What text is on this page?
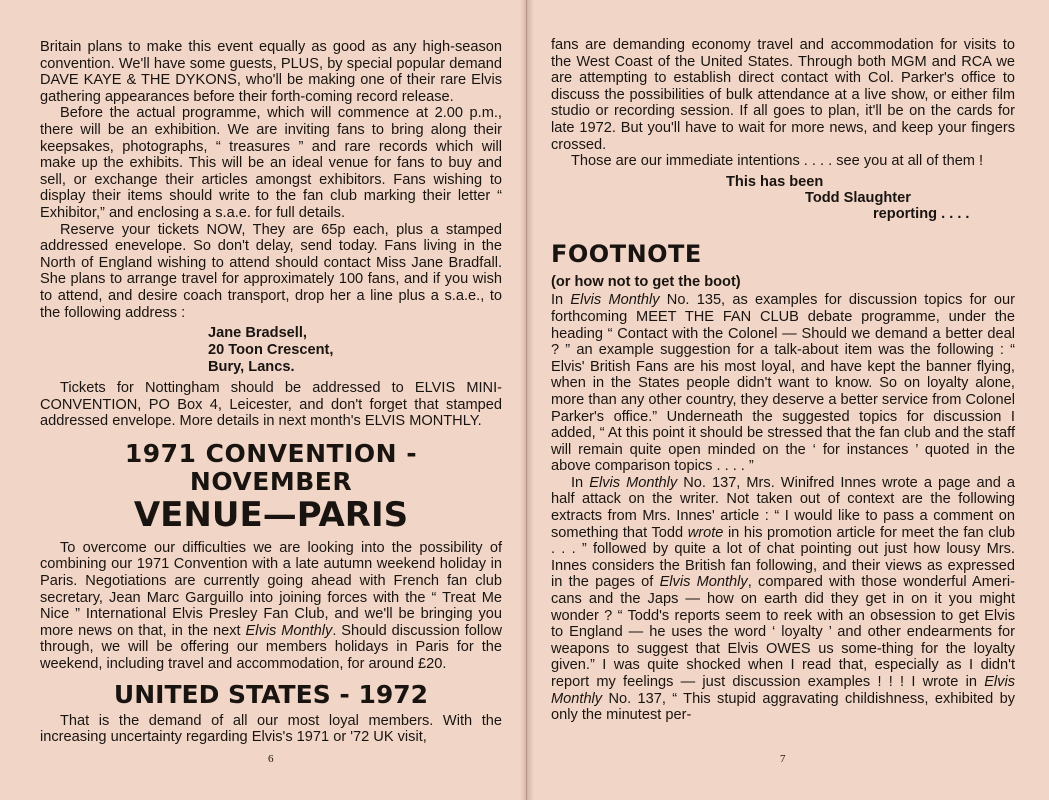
Britain plans to make this event equally as good as any high-season convention. We'll have some guests, PLUS, by special popular demand DAVE KAYE & THE DYKONS, who'll be making one of their rare Elvis gathering appearances before their forth-coming record release.

Before the actual programme, which will commence at 2.00 p.m., there will be an exhibition. We are inviting fans to bring along their keepsakes, photographs, “ treasures ” and rare records which will make up the exhibits. This will be an ideal venue for fans to buy and sell, or exchange their articles amongst exhibitors. Fans wishing to display their items should write to the fan club marking their letter “ Exhibitor,” and enclosing a s.a.e. for full details.

Reserve your tickets NOW, They are 65p each, plus a stamped addressed enevelope. So don't delay, send today. Fans living in the North of England wishing to attend should contact Miss Jane Bradfall. She plans to arrange travel for approximately 100 fans, and if you wish to attend, and desire coach transport, drop her a line plus a s.a.e., to the following address :

Jane Bradsell,
20 Toon Crescent,
Bury, Lancs.

Tickets for Nottingham should be addressed to ELVIS MINI-CONVENTION, PO Box 4, Leicester, and don't forget that stamped addressed envelope. More details in next month's ELVIS MONTHLY.

1971 CONVENTION - NOVEMBER
VENUE—PARIS

To overcome our difficulties we are looking into the possibility of combining our 1971 Convention with a late autumn weekend holiday in Paris. Negotiations are currently going ahead with French fan club secretary, Jean Marc Garguillo into joining forces with the “ Treat Me Nice ” International Elvis Presley Fan Club, and we'll be bringing you more news on that, in the next Elvis Monthly. Should discussion follow through, we will be offering our members holidays in Paris for the weekend, including travel and accommodation, for around £20.

UNITED STATES - 1972

That is the demand of all our most loyal members. With the increasing uncertainty regarding Elvis's 1971 or '72 UK visit,

6

fans are demanding economy travel and accommodation for visits to the West Coast of the United States. Through both MGM and RCA we are attempting to establish direct contact with Col. Parker's office to discuss the possibilities of bulk attendance at a live show, or either film studio or recording session. If all goes to plan, it'll be on the cards for late 1972. But you'll have to wait for more news, and keep your fingers crossed.

Those are our immediate intentions . . . . see you at all of them !

This has been
Todd Slaughter
reporting . . . .
FOOTNOTE
(or how not to get the boot)

In Elvis Monthly No. 135, as examples for discussion topics for our forthcoming MEET THE FAN CLUB debate programme, under the heading “ Contact with the Colonel — Should we demand a better deal ? ” an example suggestion for a talk-about item was the following : “ Elvis' British Fans are his most loyal, and have kept the banner flying, when in the States people didn't want to know. So on loyalty alone, more than any other country, they deserve a better service from Colonel Parker's office.” Underneath the suggested topics for discussion I added, “ At this point it should be stressed that the fan club and the staff will remain quite open minded on the ‘ for instances ’ quoted in the above comparison topics . . . . ”

In Elvis Monthly No. 137, Mrs. Winifred Innes wrote a page and a half attack on the writer. Not taken out of context are the following extracts from Mrs. Innes' article : “ I would like to pass a comment on something that Todd wrote in his promotion article for meet the fan club . . . ” followed by quite a lot of chat pointing out just how lousy Mrs. Innes considers the British fan following, and their views as expressed in the pages of Elvis Monthly, compared with those wonderful Ameri-cans and the Japs — how on earth did they get in on it you might wonder ? “ Todd's reports seem to reek with an obsession to get Elvis to England — he uses the word ‘ loyalty ’ and other endearments for weapons to suggest that Elvis OWES us some-thing for the loyalty given.” I was quite shocked when I read that, especially as I didn't report my feelings — just discussion examples ! ! ! I wrote in Elvis Monthly No. 137, “ This stupid aggravating childishness, exhibited by only the minutest per-

7
